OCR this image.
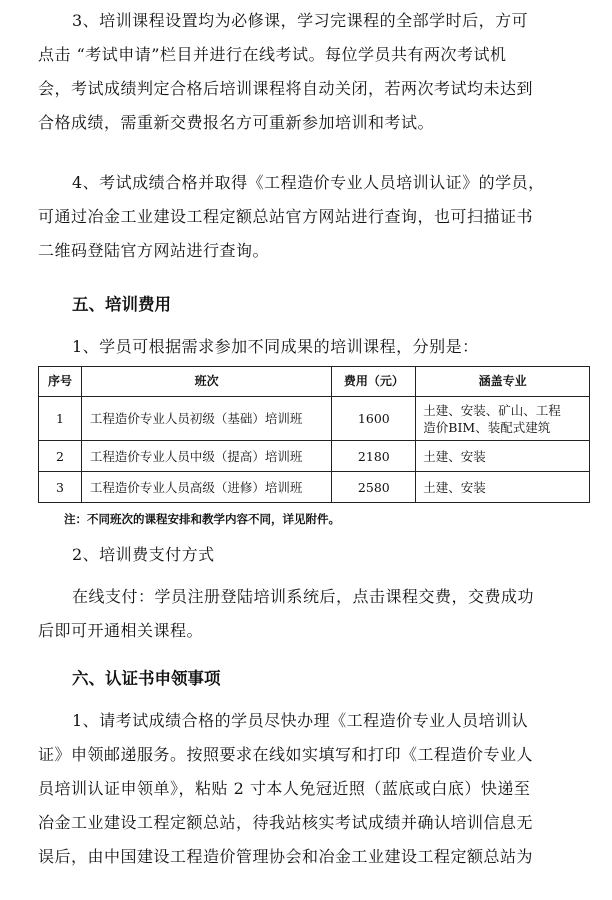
3、培训课程设置均为必修课，学习完课程的全部学时后，方可
点击 “考试申请”栏目并进行在线考试。每位学员共有两次考试机
会，考试成绩判定合格后培训课程将自动关闭，若两次考试均未达到
合格成绩，需重新交费报名方可重新参加培训和考试。
4、考试成绩合格并取得《工程造价专业人员培训认证》的学员，
可通过冶金工业建设工程定额总站官方网站进行查询，也可扫描证书
二维码登陆官方网站进行查询。
五、培训费用
1、学员可根据需求参加不同成果的培训课程，分别是：
序号	班次	费用（元）	涵盖专业
1	工程造价专业人员初级（基础）培训班	1600	土建、安装、矿山、工程
造价BIM、装配式建筑

2	工程造价专业人员中级（提高）培训班	2180	土建、安装
3	工程造价专业人员高级（进修）培训班	2580	土建、安装
注：不同班次的课程安排和教学内容不同，详见附件。
2、培训费支付方式
在线支付：学员注册登陆培训系统后，点击课程交费，交费成功
后即可开通相关课程。
六、认证书申领事项
1、请考试成绩合格的学员尽快办理《工程造价专业人员培训认
证》申领邮递服务。按照要求在线如实填写和打印《工程造价专业人
员培训认证申领单》，粘贴 2 寸本人免冠近照（蓝底或白底）快递至
冶金工业建设工程定额总站，待我站核实考试成绩并确认培训信息无
误后，由中国建设工程造价管理协会和冶金工业建设工程定额总站为
